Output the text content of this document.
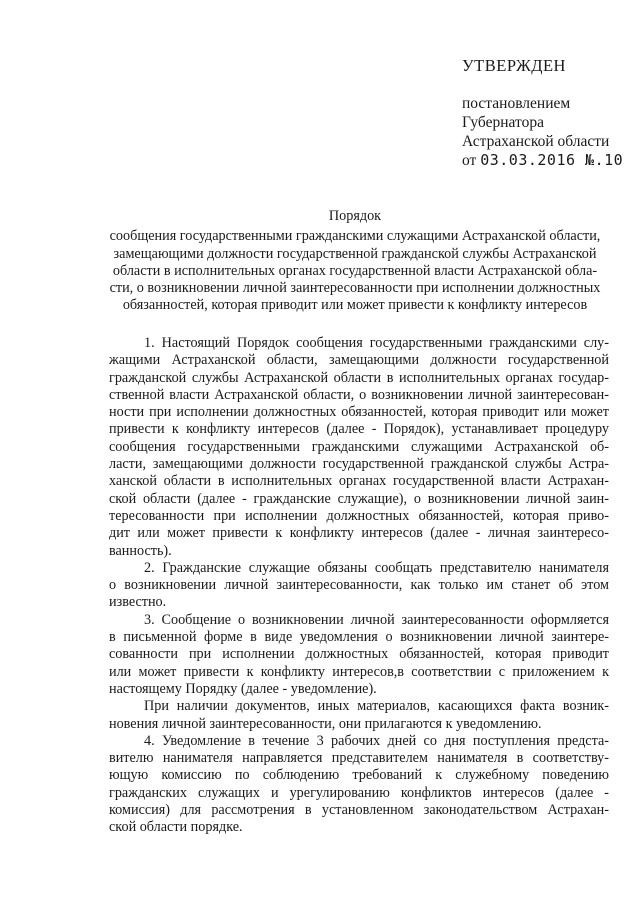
УТВЕРЖДЕН
постановлением
Губернатора
Астраханской области
от 03.03.2016 №.10
Порядок
сообщения государственными гражданскими служащими Астраханской области,
замещающими должности государственной гражданской службы Астраханской
области в исполнительных органах государственной власти Астраханской обла-
сти, о возникновении личной заинтересованности при исполнении должностных
обязанностей, которая приводит или может привести к конфликту интересов
1. Настоящий Порядок сообщения государственными гражданскими слу-
жащими Астраханской области, замещающими должности государственной
гражданской службы Астраханской области в исполнительных органах государ-
ственной власти Астраханской области, о возникновении личной заинтересован-
ности при исполнении должностных обязанностей, которая приводит или может
привести к конфликту интересов (далее - Порядок), устанавливает процедуру
сообщения государственными гражданскими служащими Астраханской об-
ласти, замещающими должности государственной гражданской службы Астра-
ханской области в исполнительных органах государственной власти Астрахан-
ской области (далее - гражданские служащие), о возникновении личной заин-
тересованности при исполнении должностных обязанностей, которая приво-
дит или может привести к конфликту интересов (далее - личная заинтересо-
ванность).
2. Гражданские служащие обязаны сообщать представителю нанимателя
о возникновении личной заинтересованности, как только им станет об этом
известно.
3. Сообщение о возникновении личной заинтересованности оформляется
в письменной форме в виде уведомления о возникновении личной заинтере-
сованности при исполнении должностных обязанностей, которая приводит
или может привести к конфликту интересов,в соответствии с приложением к
настоящему Порядку (далее - уведомление).
При наличии документов, иных материалов, касающихся факта возник-
новения личной заинтересованности, они прилагаются к уведомлению.
4. Уведомление в течение 3 рабочих дней со дня поступления предста-
вителю нанимателя направляется представителем нанимателя в соответству-
ющую комиссию по соблюдению требований к служебному поведению
гражданских служащих и урегулированию конфликтов интересов (далее -
комиссия) для рассмотрения в установленном законодательством Астрахан-
ской области порядке.
